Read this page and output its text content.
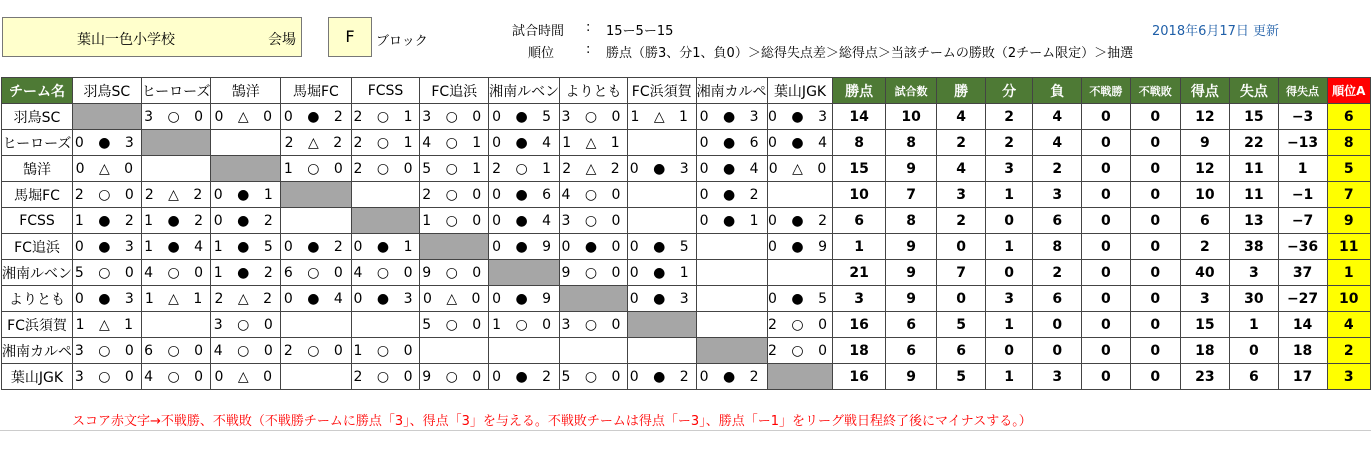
葉山一色小学校	会場	F	ブロック
試合時間 : 15ー5ー15
順位 : 勝点（勝3、分1、負0）＞総得失点差＞総得点＞当該チームの勝敗（2チーム限定）＞抽選
2018年6月17日 更新
チーム名	羽鳥SC	ヒーローズ	鵠洋	馬堀FC	FCSS	FC追浜	湘南ルベン	よりとも	FC浜須賀	湘南カルペ	葉山JGK	勝点	試合数	勝	分	負	不戦勝	不戦敗	得点	失点	得失点	順位A
羽鳥SC		3 ○ 0	0 △ 0	0 ● 2	2 ○ 1	3 ○ 0	0 ● 5	3 ○ 0	1 △ 1	0 ● 3	0 ● 3	14	10	4	2	4	0	0	12	15	−3	6
ヒーローズ	0 ● 3			2 △ 2	2 ○ 1	4 ○ 1	0 ● 4	1 △ 1		0 ● 6	0 ● 4	8	8	2	2	4	0	0	9	22	−13	8
鵠洋	0 △ 0			1 ○ 0	2 ○ 0	5 ○ 1	2 ○ 1	2 △ 2	0 ● 3	0 ● 4	0 △ 0	15	9	4	3	2	0	0	12	11	1	5
馬堀FC	2 ○ 0	2 △ 2	0 ● 1			2 ○ 0	0 ● 6	4 ○ 0		0 ● 2		10	7	3	1	3	0	0	10	11	−1	7
FCSS	1 ● 2	1 ● 2	0 ● 2			1 ○ 0	0 ● 4	3 ○ 0		0 ● 1	0 ● 2	6	8	2	0	6	0	0	6	13	−7	9
FC追浜	0 ● 3	1 ● 4	1 ● 5	0 ● 2	0 ● 1		0 ● 9	0 ● 0	0 ● 5		0 ● 9	1	9	0	1	8	0	0	2	38	−36	11
湘南ルベン	5 ○ 0	4 ○ 0	1 ● 2	6 ○ 0	4 ○ 0	9 ○ 0		9 ○ 0	0 ● 1			21	9	7	0	2	0	0	40	3	37	1
よりとも	0 ● 3	1 △ 1	2 △ 2	0 ● 4	0 ● 3	0 △ 0	0 ● 9		0 ● 3		0 ● 5	3	9	0	3	6	0	0	3	30	−27	10
FC浜須賀	1 △ 1		3 ○ 0			5 ○ 0	1 ○ 0	3 ○ 0			2 ○ 0	16	6	5	1	0	0	0	15	1	14	4
湘南カルペ	3 ○ 0	6 ○ 0	4 ○ 0	2 ○ 0	1 ○ 0						2 ○ 0	18	6	6	0	0	0	0	18	0	18	2
葉山JGK	3 ○ 0	4 ○ 0	0 △ 0		2 ○ 0	9 ○ 0	0 ● 2	5 ○ 0	0 ● 2	0 ● 2		16	9	5	1	3	0	0	23	6	17	3
スコア赤文字→不戦勝、不戦敗（不戦勝チームに勝点「3」、得点「3」を与える。不戦敗チームは得点「ー3」、勝点「ー1」をリーグ戦日程終了後にマイナスする。）
